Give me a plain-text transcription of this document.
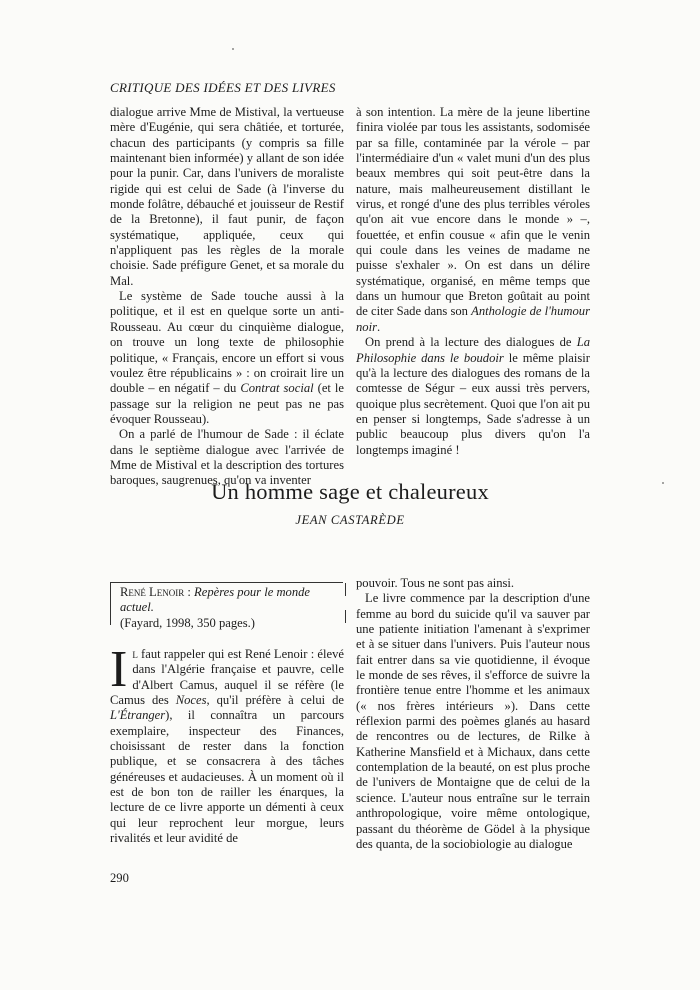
CRITIQUE DES IDÉES ET DES LIVRES

dialogue arrive Mme de Mistival, la vertueuse mère d'Eugénie, qui sera châtiée, et torturée, chacun des participants (y compris sa fille maintenant bien informée) y allant de son idée pour la punir. Car, dans l'univers de moraliste rigide qui est celui de Sade (à l'inverse du monde folâtre, débauché et jouisseur de Restif de la Bretonne), il faut punir, de façon systématique, appliquée, ceux qui n'appliquent pas les règles de la morale choisie. Sade préfigure Genet, et sa morale du Mal.

Le système de Sade touche aussi à la politique, et il est en quelque sorte un anti-Rousseau. Au cœur du cinquième dialogue, on trouve un long texte de philosophie politique, « Français, encore un effort si vous voulez être républicains » : on croirait lire un double – en négatif – du Contrat social (et le passage sur la religion ne peut pas ne pas évoquer Rousseau).

On a parlé de l'humour de Sade : il éclate dans le septième dialogue avec l'arrivée de Mme de Mistival et la description des tortures baroques, saugrenues, qu'on va inventer

à son intention. La mère de la jeune libertine finira violée par tous les assistants, sodomisée par sa fille, contaminée par la vérole – par l'intermédiaire d'un « valet muni d'un des plus beaux membres qui soit peut-être dans la nature, mais malheureusement distillant le virus, et rongé d'une des plus terribles véroles qu'on ait vue encore dans le monde » –, fouettée, et enfin cousue « afin que le venin qui coule dans les veines de madame ne puisse s'exhaler ». On est dans un délire systématique, organisé, en même temps que dans un humour que Breton goûtait au point de citer Sade dans son Anthologie de l'humour noir.

On prend à la lecture des dialogues de La Philosophie dans le boudoir le même plaisir qu'à la lecture des dialogues des romans de la comtesse de Ségur – eux aussi très pervers, quoique plus secrètement. Quoi que l'on ait pu en penser si longtemps, Sade s'adresse à un public beaucoup plus divers qu'on l'a longtemps imaginé !

Un homme sage et chaleureux
JEAN CASTARÈDE
René Lenoir : Repères pour le monde actuel.
(Fayard, 1998, 350 pages.)

Il faut rappeler qui est René Lenoir : élevé dans l'Algérie française et pauvre, celle d'Albert Camus, auquel il se réfère (le Camus des Noces, qu'il préfère à celui de L'Étranger), il connaîtra un parcours exemplaire, inspecteur des Finances, choisissant de rester dans la fonction publique, et se consacrera à des tâches généreuses et audacieuses. À un moment où il est de bon ton de railler les énarques, la lecture de ce livre apporte un démenti à ceux qui leur reprochent leur morgue, leurs rivalités et leur avidité de

pouvoir. Tous ne sont pas ainsi.

Le livre commence par la description d'une femme au bord du suicide qu'il va sauver par une patiente initiation l'amenant à s'exprimer et à se situer dans l'univers. Puis l'auteur nous fait entrer dans sa vie quotidienne, il évoque le monde de ses rêves, il s'efforce de suivre la frontière tenue entre l'homme et les animaux (« nos frères intérieurs »). Dans cette réflexion parmi des poèmes glanés au hasard de rencontres ou de lectures, de Rilke à Katherine Mansfield et à Michaux, dans cette contemplation de la beauté, on est plus proche de l'univers de Montaigne que de celui de la science. L'auteur nous entraîne sur le terrain anthropologique, voire même ontologique, passant du théorème de Gödel à la physique des quanta, de la sociobiologie au dialogue

290
